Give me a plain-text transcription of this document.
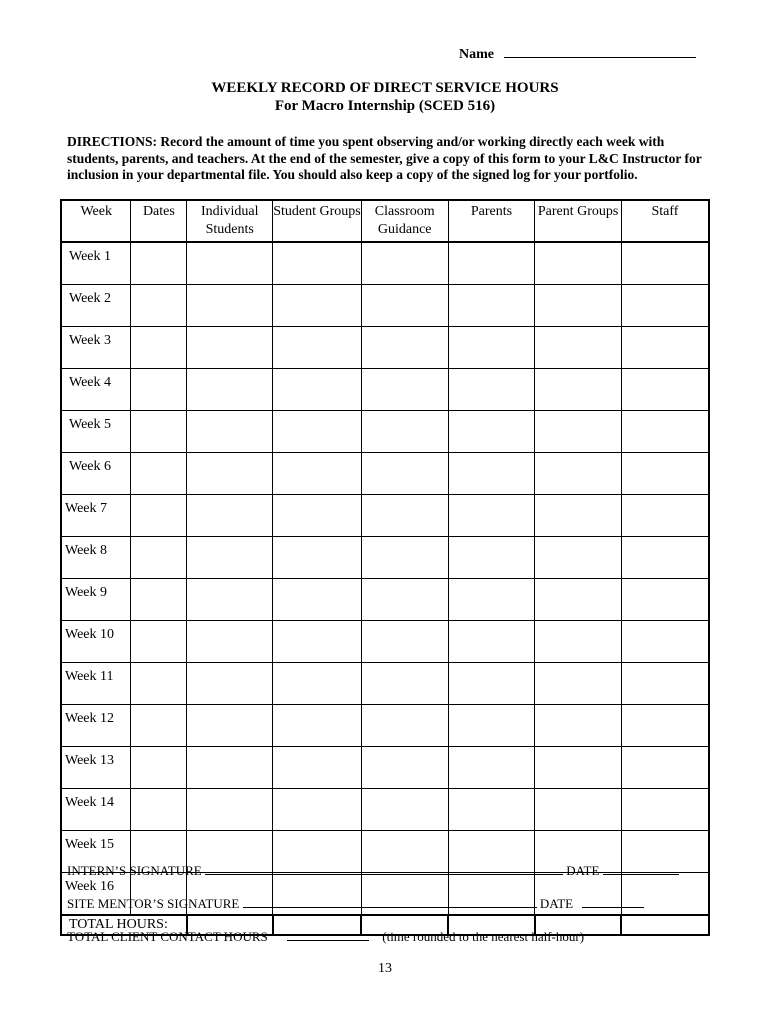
Name
WEEKLY RECORD OF DIRECT SERVICE HOURS
For Macro Internship (SCED 516)
DIRECTIONS: Record the amount of time you spent observing and/or working directly each week with students, parents, and teachers. At the end of the semester, give a copy of this form to your L&C Instructor for inclusion in your departmental file. You should also keep a copy of the signed log for your portfolio.
Week	Dates	Individual Students	Student Groups	Classroom Guidance	Parents	Parent Groups	Staff
Week 1							
Week 2							
Week 3							
Week 4							
Week 5							
Week 6							
Week 7							
Week 8							
Week 9							
Week 10							
Week 11							
Week 12							
Week 13							
Week 14							
Week 15							
Week 16							
TOTAL HOURS:							
INTERN’S SIGNATURE	DATE
SITE MENTOR’S SIGNATURE	DATE
TOTAL CLIENT CONTACT HOURS	(time rounded to the nearest half-hour)
13
